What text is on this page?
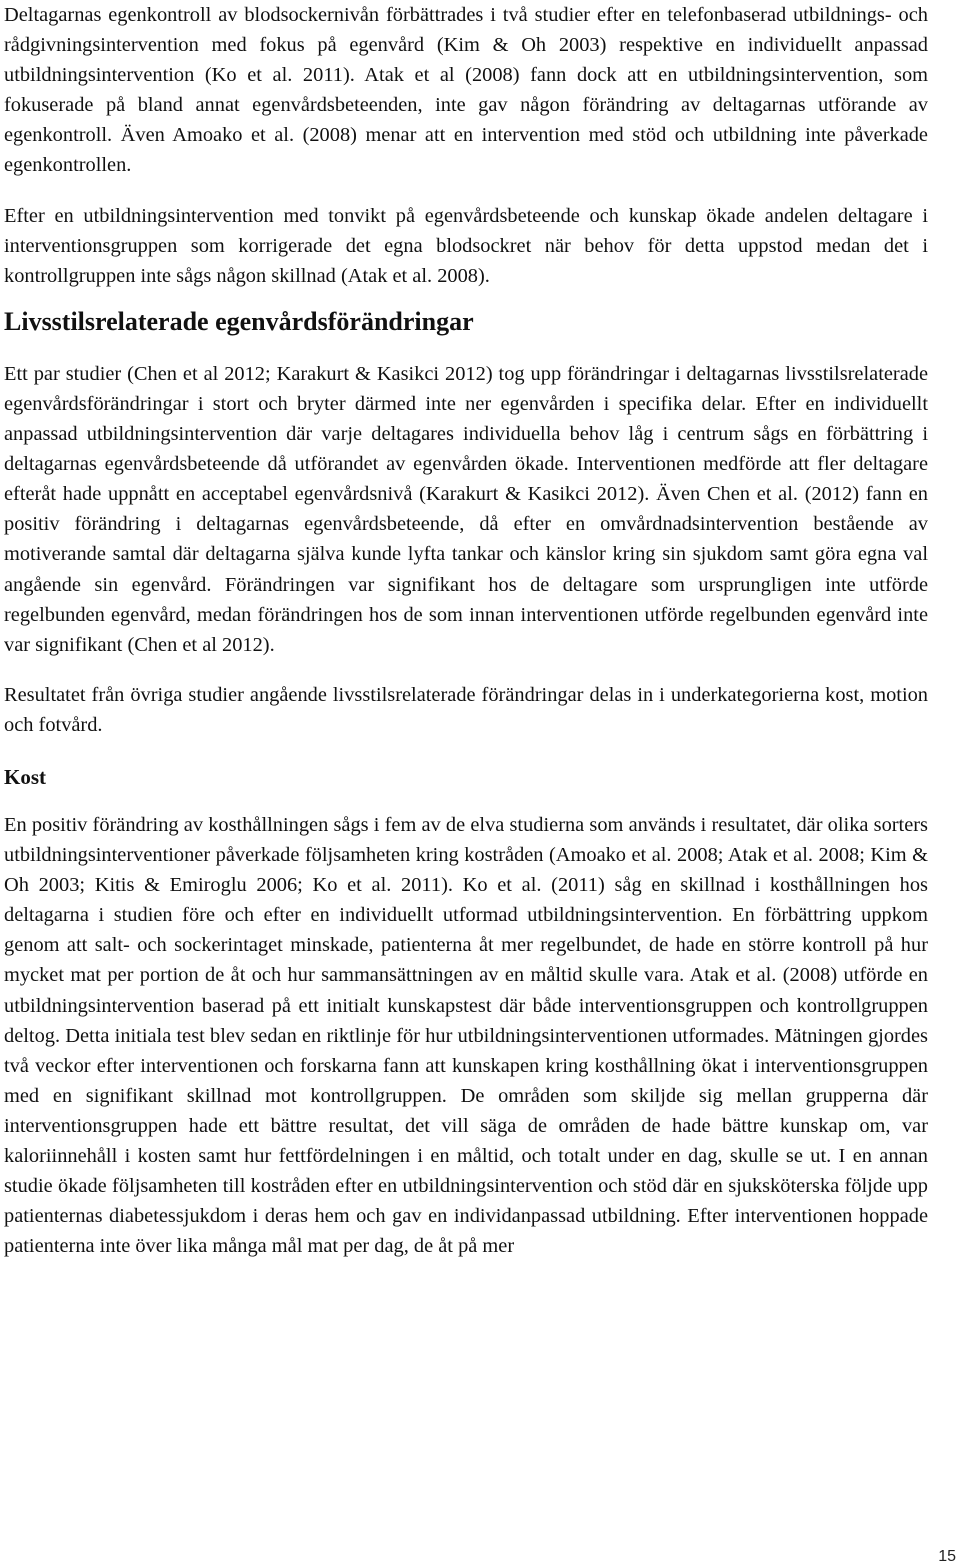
Deltagarnas egenkontroll av blodsockernivån förbättrades i två studier efter en telefonbaserad utbildnings- och rådgivningsintervention med fokus på egenvård (Kim & Oh 2003) respektive en individuellt anpassad utbildningsintervention (Ko et al. 2011). Atak et al (2008) fann dock att en utbildningsintervention, som fokuserade på bland annat egenvårdsbeteenden, inte gav någon förändring av deltagarnas utförande av egenkontroll. Även Amoako et al. (2008) menar att en intervention med stöd och utbildning inte påverkade egenkontrollen.

Efter en utbildningsintervention med tonvikt på egenvårdsbeteende och kunskap ökade andelen deltagare i interventionsgruppen som korrigerade det egna blodsockret när behov för detta uppstod medan det i kontrollgruppen inte sågs någon skillnad (Atak et al. 2008).

Livsstilsrelaterade egenvårdsförändringar

Ett par studier (Chen et al 2012; Karakurt & Kasikci 2012) tog upp förändringar i deltagarnas livsstilsrelaterade egenvårdsförändringar i stort och bryter därmed inte ner egenvården i specifika delar. Efter en individuellt anpassad utbildningsintervention där varje deltagares individuella behov låg i centrum sågs en förbättring i deltagarnas egenvårdsbeteende då utförandet av egenvården ökade. Interventionen medförde att fler deltagare efteråt hade uppnått en acceptabel egenvårdsnivå (Karakurt & Kasikci 2012). Även Chen et al. (2012) fann en positiv förändring i deltagarnas egenvårdsbeteende, då efter en omvårdnadsintervention bestående av motiverande samtal där deltagarna själva kunde lyfta tankar och känslor kring sin sjukdom samt göra egna val angående sin egenvård. Förändringen var signifikant hos de deltagare som ursprungligen inte utförde regelbunden egenvård, medan förändringen hos de som innan interventionen utförde regelbunden egenvård inte var signifikant (Chen et al 2012).

Resultatet från övriga studier angående livsstilsrelaterade förändringar delas in i underkategorierna kost, motion och fotvård.

Kost

En positiv förändring av kosthållningen sågs i fem av de elva studierna som används i resultatet, där olika sorters utbildningsinterventioner påverkade följsamheten kring kostråden (Amoako et al. 2008; Atak et al. 2008; Kim & Oh 2003; Kitis & Emiroglu 2006; Ko et al. 2011). Ko et al. (2011) såg en skillnad i kosthållningen hos deltagarna i studien före och efter en individuellt utformad utbildningsintervention. En förbättring uppkom genom att salt- och sockerintaget minskade, patienterna åt mer regelbundet, de hade en större kontroll på hur mycket mat per portion de åt och hur sammansättningen av en måltid skulle vara. Atak et al. (2008) utförde en utbildningsintervention baserad på ett initialt kunskapstest där både interventionsgruppen och kontrollgruppen deltog. Detta initiala test blev sedan en riktlinje för hur utbildningsinterventionen utformades. Mätningen gjordes två veckor efter interventionen och forskarna fann att kunskapen kring kosthållning ökat i interventionsgruppen med en signifikant skillnad mot kontrollgruppen. De områden som skiljde sig mellan grupperna där interventionsgruppen hade ett bättre resultat, det vill säga de områden de hade bättre kunskap om, var kaloriinnehåll i kosten samt hur fettfördelningen i en måltid, och totalt under en dag, skulle se ut. I en annan studie ökade följsamheten till kostråden efter en utbildningsintervention och stöd där en sjuksköterska följde upp patienternas diabetessjukdom i deras hem och gav en individanpassad utbildning. Efter interventionen hoppade patienterna inte över lika många mål mat per dag, de åt på mer

15
